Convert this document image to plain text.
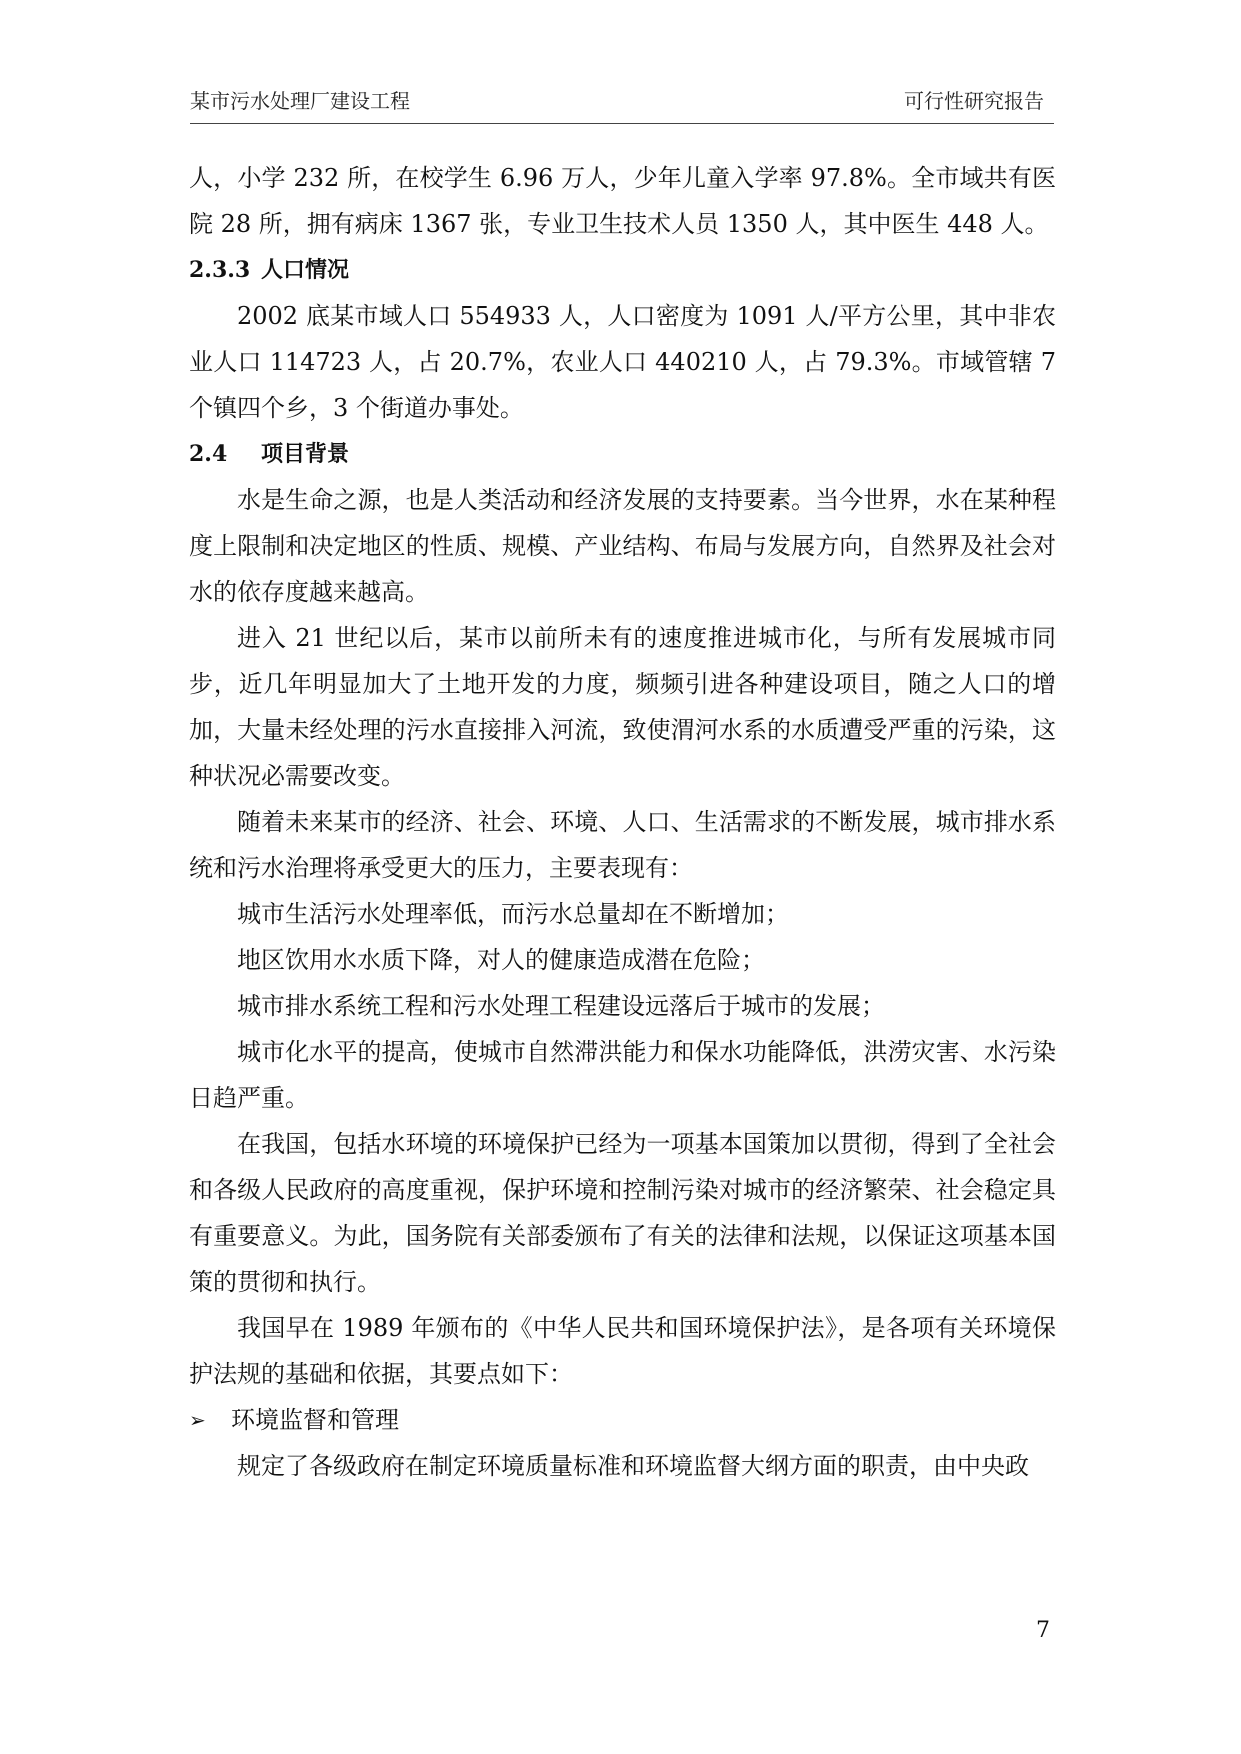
某市污水处理厂建设工程	可行性研究报告

人，小学 232 所，在校学生 6.96 万人，少年儿童入学率 97.8%。全市域共有医院 28 所，拥有病床 1367 张，专业卫生技术人员 1350 人，其中医生 448 人。

2.3.3 人口情况

2002 底某市域人口 554933 人，人口密度为 1091 人/平方公里，其中非农业人口 114723 人，占 20.7%，农业人口 440210 人，占 79.3%。市域管辖 7 个镇四个乡，3 个街道办事处。

2.4	项目背景

水是生命之源，也是人类活动和经济发展的支持要素。当今世界，水在某种程度上限制和决定地区的性质、规模、产业结构、布局与发展方向，自然界及社会对水的依存度越来越高。

进入 21 世纪以后，某市以前所未有的速度推进城市化，与所有发展城市同步，近几年明显加大了土地开发的力度，频频引进各种建设项目，随之人口的增加，大量未经处理的污水直接排入河流，致使渭河水系的水质遭受严重的污染，这种状况必需要改变。

随着未来某市的经济、社会、环境、人口、生活需求的不断发展，城市排水系统和污水治理将承受更大的压力，主要表现有：

城市生活污水处理率低，而污水总量却在不断增加；

地区饮用水水质下降，对人的健康造成潜在危险；

城市排水系统工程和污水处理工程建设远落后于城市的发展；

城市化水平的提高，使城市自然滞洪能力和保水功能降低，洪涝灾害、水污染日趋严重。

在我国，包括水环境的环境保护已经为一项基本国策加以贯彻，得到了全社会和各级人民政府的高度重视，保护环境和控制污染对城市的经济繁荣、社会稳定具有重要意义。为此，国务院有关部委颁布了有关的法律和法规，以保证这项基本国策的贯彻和执行。

我国早在 1989 年颁布的《中华人民共和国环境保护法》，是各项有关环境保护法规的基础和依据，其要点如下：

➢	环境监督和管理

规定了各级政府在制定环境质量标准和环境监督大纲方面的职责，由中央政

7
